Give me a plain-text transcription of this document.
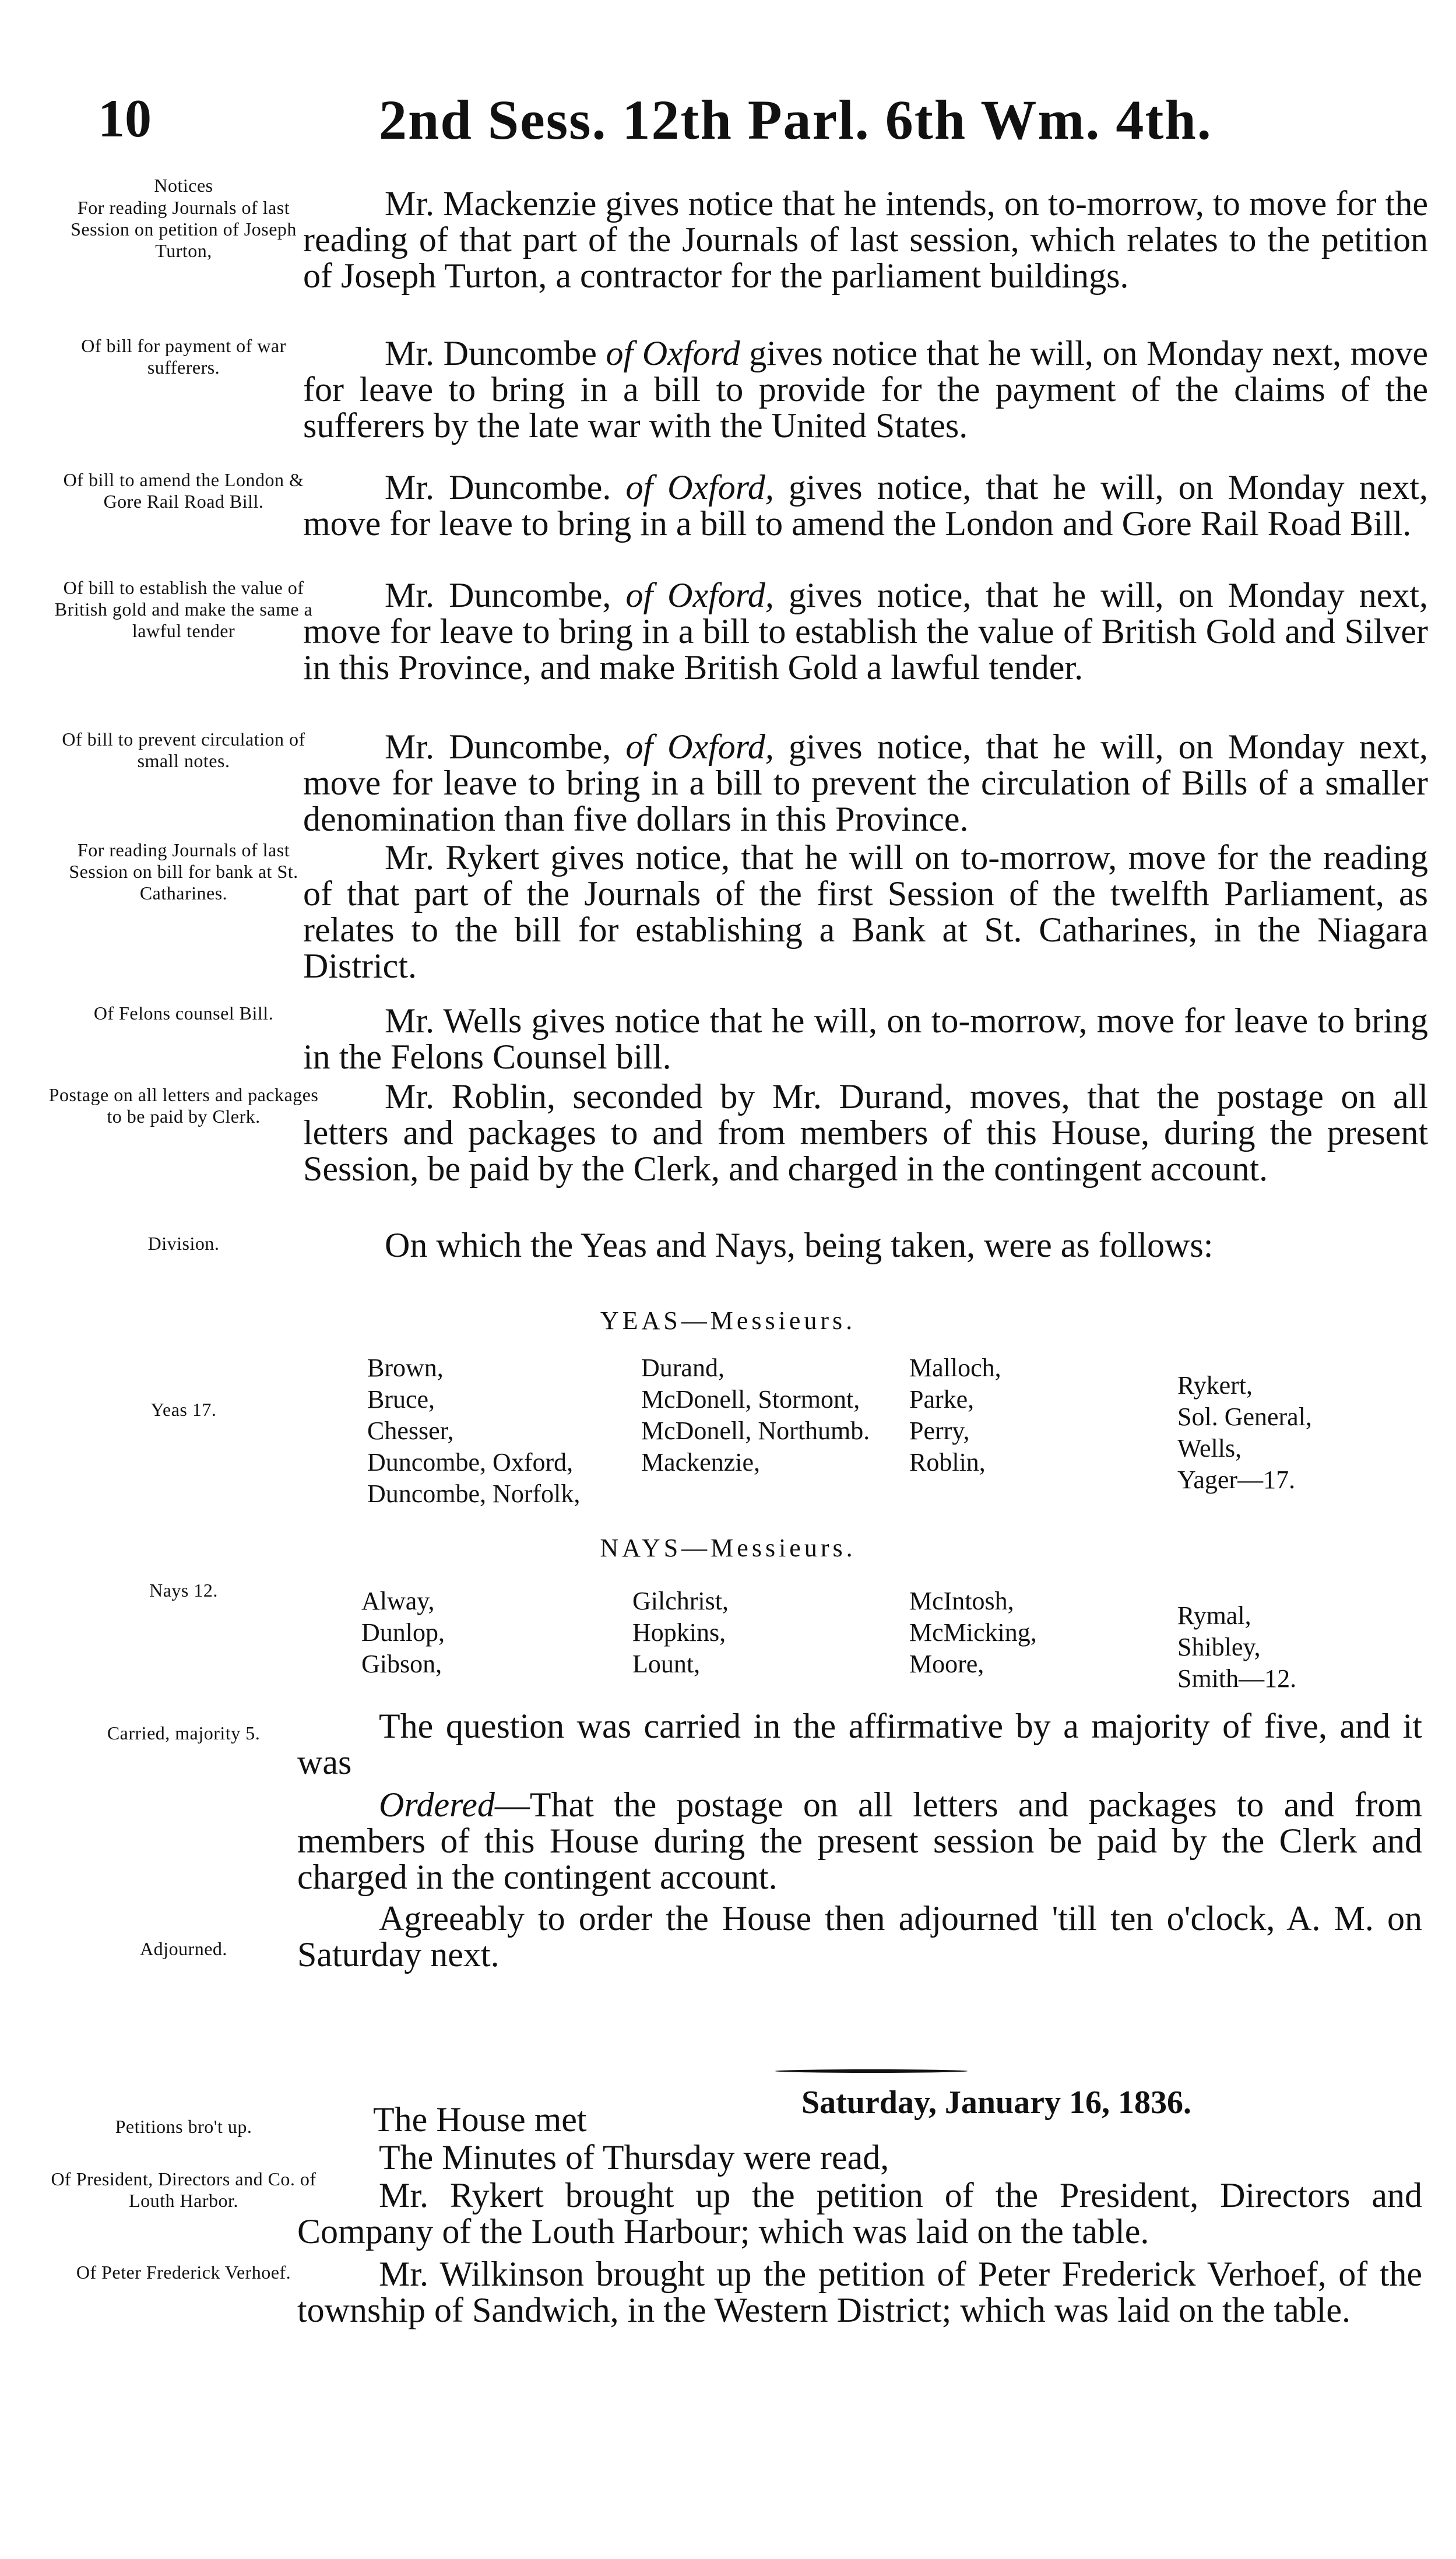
10	2nd Sess. 12th Parl. 6th Wm. 4th.
Notices
For reading Journals of last Session on petition of Joseph Turton,
Of bill for payment of war sufferers.
Of bill to amend the London & Gore Rail Road Bill.
Of bill to establish the value of British gold and make the same a lawful tender
Of bill to prevent circulation of small notes.
For reading Journals of last Session on bill for bank at St. Catharines.
Of Felons counsel Bill.
Postage on all letters and packages to be paid by Clerk.
Division.
Yeas 17.
Nays 12.
Carried, majority 5.
Adjourned.
Petitions bro't up.
Of President, Directors and Co. of Louth Harbor.
Of Peter Frederick Verhoef.
Mr. Mackenzie gives notice that he intends, on to-morrow, to move for the reading of that part of the Journals of last session, which relates to the petition of Joseph Turton, a contractor for the parliament buildings.
Mr. Duncombe of Oxford gives notice that he will, on Monday next, move for leave to bring in a bill to provide for the payment of the claims of the sufferers by the late war with the United States.
Mr. Duncombe. of Oxford, gives notice, that he will, on Monday next, move for leave to bring in a bill to amend the London and Gore Rail Road Bill.
Mr. Duncombe, of Oxford, gives notice, that he will, on Monday next, move for leave to bring in a bill to establish the value of British Gold and Silver in this Province, and make British Gold a lawful tender.
Mr. Duncombe, of Oxford, gives notice, that he will, on Monday next, move for leave to bring in a bill to prevent the circulation of Bills of a smaller denomination than five dollars in this Province.
Mr. Rykert gives notice, that he will on to-morrow, move for the reading of that part of the Journals of the first Session of the twelfth Parliament, as relates to the bill for establishing a Bank at St. Catharines, in the Niagara District.
Mr. Wells gives notice that he will, on to-morrow, move for leave to bring in the Felons Counsel bill.
Mr. Roblin, seconded by Mr. Durand, moves, that the postage on all letters and packages to and from members of this House, during the present Session, be paid by the Clerk, and charged in the contingent account.
On which the Yeas and Nays, being taken, were as follows:
YEAS—Messieurs.
Brown,
Bruce,
Chesser,
Duncombe, Oxford,
Duncombe, Norfolk,
Durand,
McDonell, Stormont,
McDonell, Northumb.
Mackenzie,
Malloch,
Parke,
Perry,
Roblin,
Rykert,
Sol. General,
Wells,
Yager—17.
NAYS—Messieurs.
Alway,
Dunlop,
Gibson,
Gilchrist,
Hopkins,
Lount,
McIntosh,
McMicking,
Moore,
Rymal,
Shibley,
Smith—12.
The question was carried in the affirmative by a majority of five, and it was
Ordered—That the postage on all letters and packages to and from members of this House during the present session be paid by the Clerk and charged in the contingent account.
Agreeably to order the House then adjourned 'till ten o'clock, A. M. on Saturday next.
Saturday, January 16, 1836.
The House met
The Minutes of Thursday were read,
Mr. Rykert brought up the petition of the President, Directors and Company of the Louth Harbour; which was laid on the table.
Mr. Wilkinson brought up the petition of Peter Frederick Verhoef, of the township of Sandwich, in the Western District; which was laid on the table.
